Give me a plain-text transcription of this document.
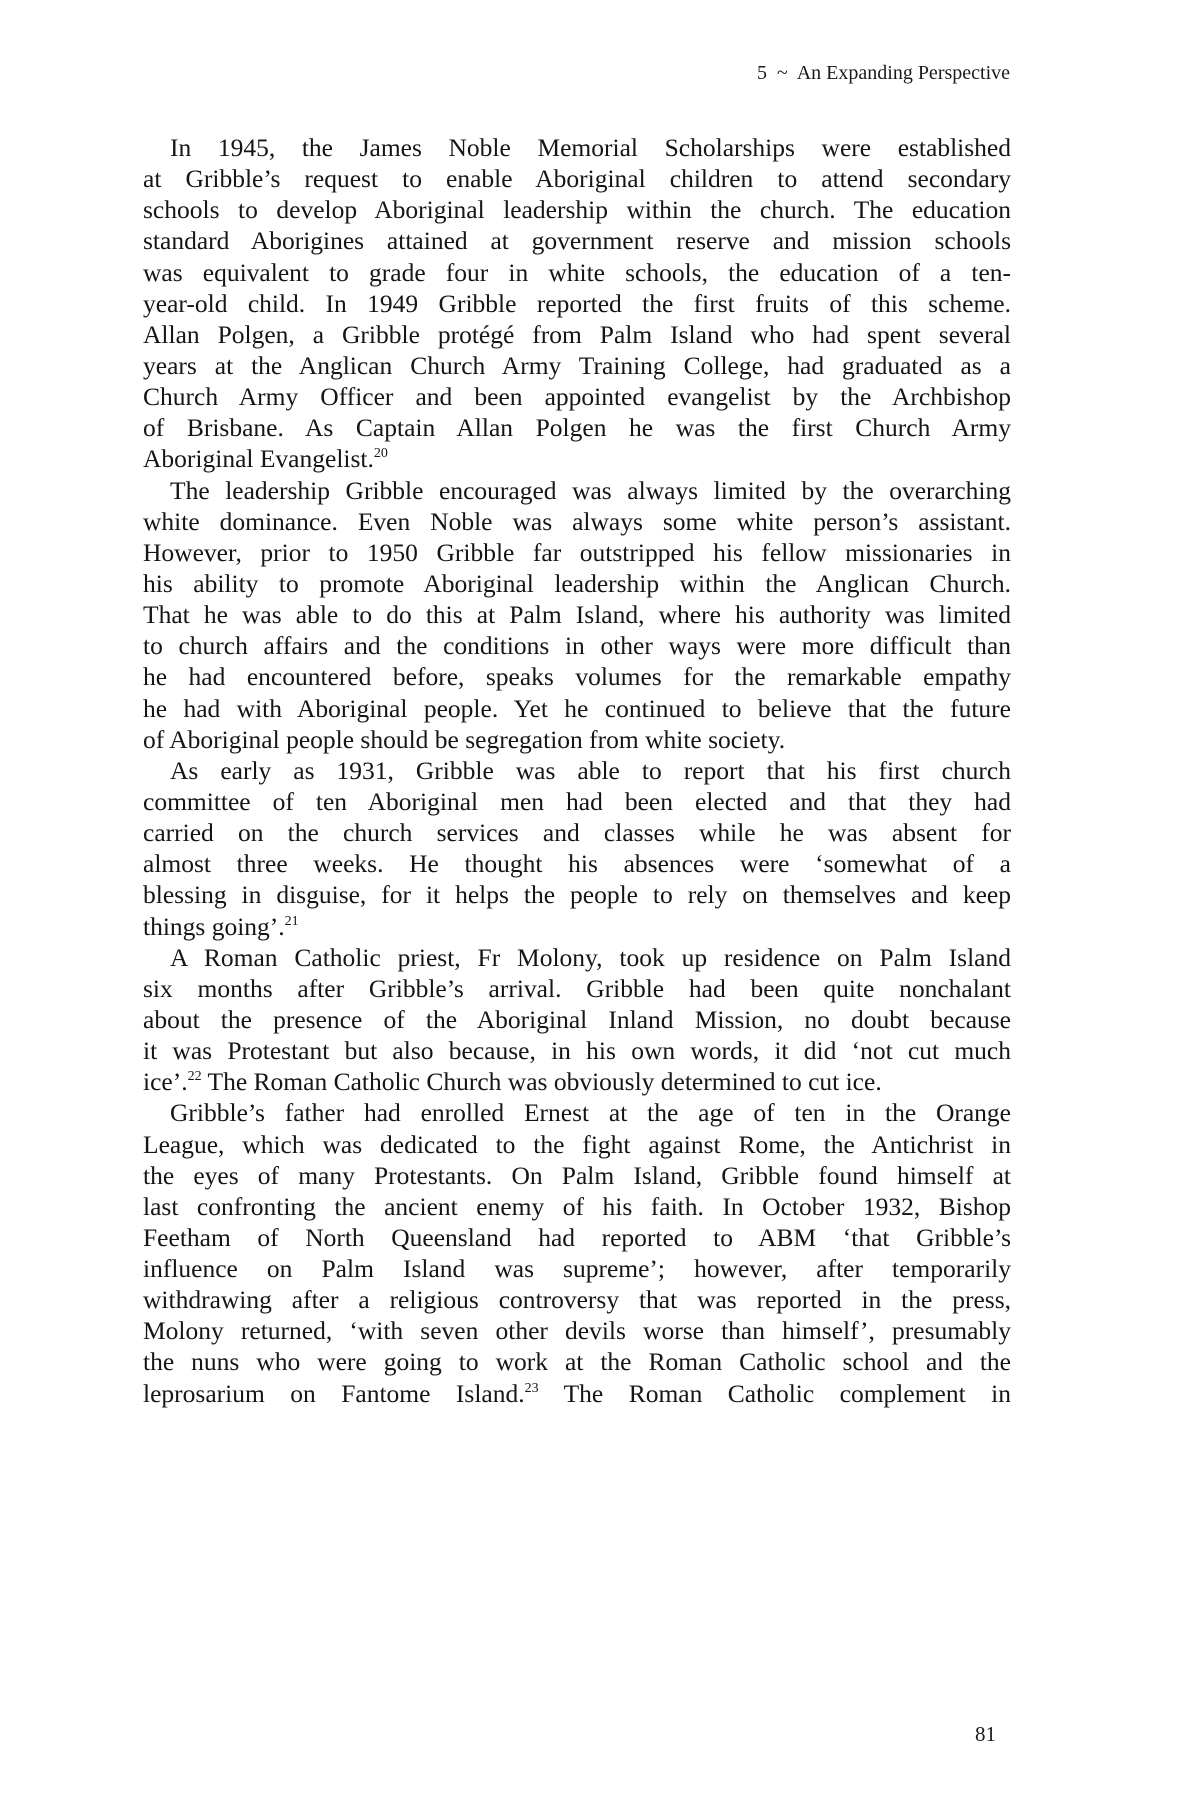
5 ~ An Expanding Perspective
In 1945, the James Noble Memorial Scholarships were established
at Gribble’s request to enable Aboriginal children to attend secondary
schools to develop Aboriginal leadership within the church. The education
standard Aborigines attained at government reserve and mission schools
was equivalent to grade four in white schools, the education of a ten-
year-old child. In 1949 Gribble reported the first fruits of this scheme.
Allan Polgen, a Gribble protégé from Palm Island who had spent several
years at the Anglican Church Army Training College, had graduated as a
Church Army Officer and been appointed evangelist by the Archbishop
of Brisbane. As Captain Allan Polgen he was the first Church Army
Aboriginal Evangelist.$^{20}$
The leadership Gribble encouraged was always limited by the overarching
white dominance. Even Noble was always some white person’s assistant.
However, prior to 1950 Gribble far outstripped his fellow missionaries in
his ability to promote Aboriginal leadership within the Anglican Church.
That he was able to do this at Palm Island, where his authority was limited
to church affairs and the conditions in other ways were more difficult than
he had encountered before, speaks volumes for the remarkable empathy
he had with Aboriginal people. Yet he continued to believe that the future
of Aboriginal people should be segregation from white society.
As early as 1931, Gribble was able to report that his first church
committee of ten Aboriginal men had been elected and that they had
carried on the church services and classes while he was absent for
almost three weeks. He thought his absences were ‘somewhat of a
blessing in disguise, for it helps the people to rely on themselves and keep
things going’.$^{21}$
A Roman Catholic priest, Fr Molony, took up residence on Palm Island
six months after Gribble’s arrival. Gribble had been quite nonchalant
about the presence of the Aboriginal Inland Mission, no doubt because
it was Protestant but also because, in his own words, it did ‘not cut much
ice’.$^{22}$ The Roman Catholic Church was obviously determined to cut ice.
Gribble’s father had enrolled Ernest at the age of ten in the Orange
League, which was dedicated to the fight against Rome, the Antichrist in
the eyes of many Protestants. On Palm Island, Gribble found himself at
last confronting the ancient enemy of his faith. In October 1932, Bishop
Feetham of North Queensland had reported to ABM ‘that Gribble’s
influence on Palm Island was supreme’; however, after temporarily
withdrawing after a religious controversy that was reported in the press,
Molony returned, ‘with seven other devils worse than himself’, presumably
the nuns who were going to work at the Roman Catholic school and the
leprosarium on Fantome Island.$^{23}$ The Roman Catholic complement in
81
